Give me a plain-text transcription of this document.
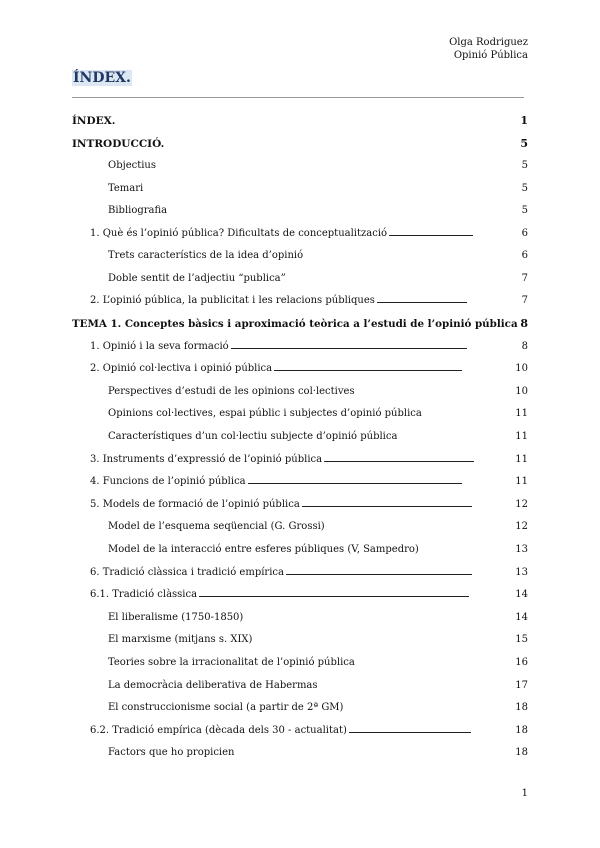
Olga Rodriguez
Opinió Pública
ÍNDEX.
ÍNDEX.	1
INTRODUCCIÓ.	5
Objectius	5
Temari	5
Bibliografia	5
1. Què és l’opinió pública? Dificultats de conceptualització	6
Trets característics de la idea d’opinió	6
Doble sentit de l’adjectiu “publica”	7
2. L’opinió pública, la publicitat i les relacions públiques	7
TEMA 1. Conceptes bàsics i aproximació teòrica a l’estudi de l’opinió pública 8
1. Opinió i la seva formació	8
2. Opinió col·lectiva i opinió pública	10
Perspectives d’estudi de les opinions col·lectives	10
Opinions col·lectives, espai públic i subjectes d’opinió pública	11
Característiques d’un col·lectiu subjecte d’opinió pública	11
3. Instruments d’expressió de l’opinió pública	11
4. Funcions de l’opinió pública	11
5. Models de formació de l’opinió pública	12
Model de l’esquema seqüencial (G. Grossi)	12
Model de la interacció entre esferes públiques (V, Sampedro)	13
6. Tradició clàssica i tradició empírica	13
6.1. Tradició clàssica	14
El liberalisme (1750-1850)	14
El marxisme (mitjans s. XIX)	15
Teories sobre la irracionalitat de l’opinió pública	16
La democràcia deliberativa de Habermas	17
El construccionisme social (a partir de 2ª GM)	18
6.2. Tradició empírica (dècada dels 30 - actualitat)	18
Factors que ho propicien	18
1
